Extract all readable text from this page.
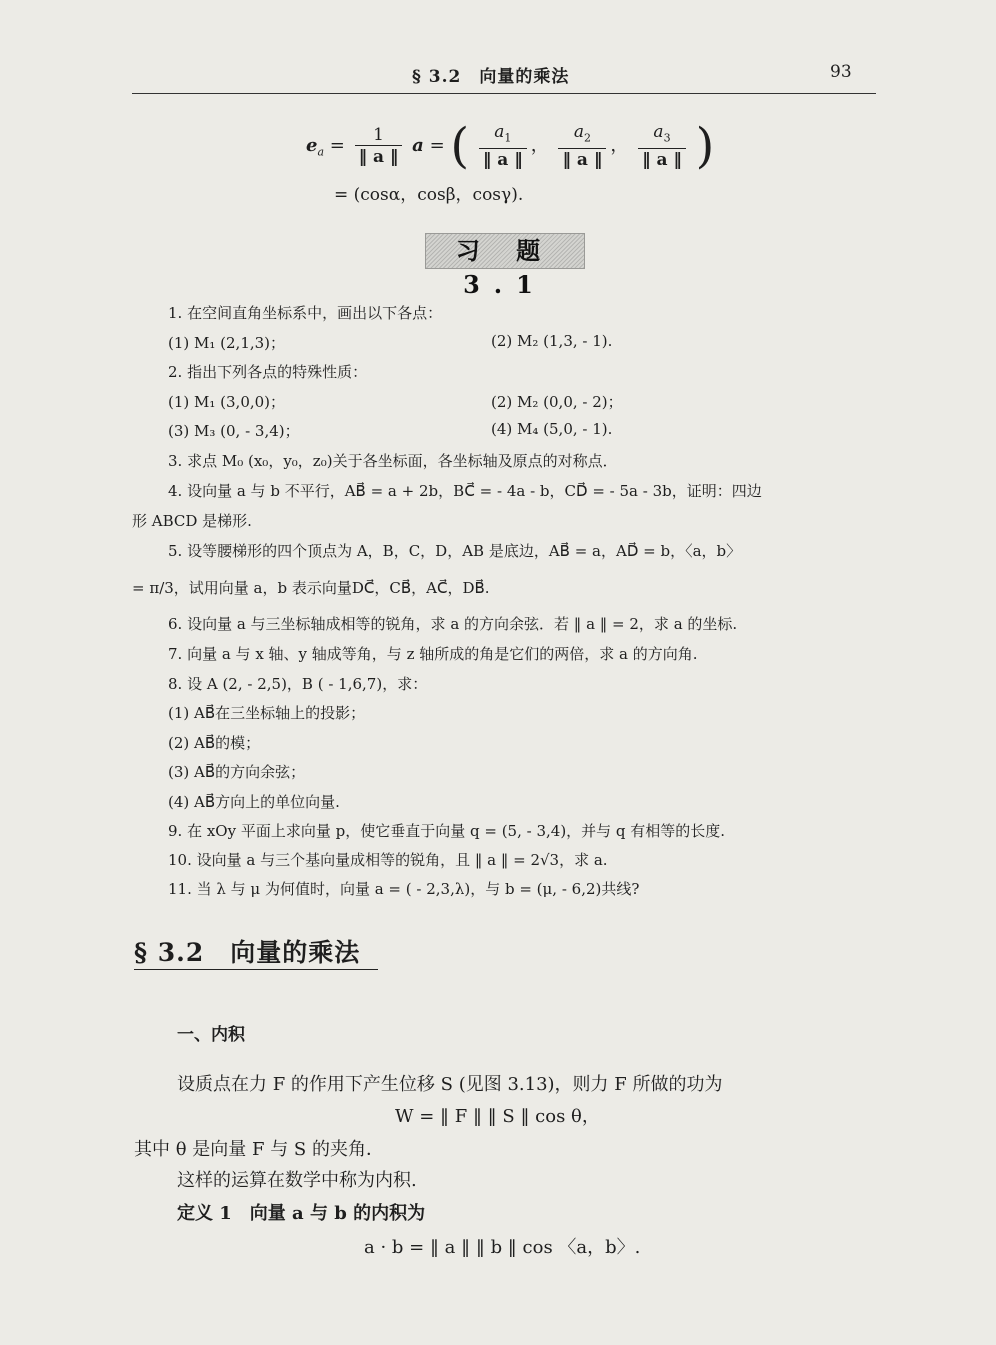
§ 3.2　向量的乘法	93
$e_a = \frac{1}{‖ a ‖}$ a = ( $\frac{a_1}{‖ a ‖}$ ， $\frac{a_2}{‖ a ‖}$ ， $\frac{a_3}{‖ a ‖}$ )
= (cosα，cosβ，cosγ).
习 题 3.1
1. 在空间直角坐标系中，画出以下各点：
(1) M₁ (2,1,3)；	(2) M₂ (1,3, - 1).
2. 指出下列各点的特殊性质：
(1) M₁ (3,0,0)；	(2) M₂ (0,0, - 2)；
(3) M₃ (0, - 3,4)；	(4) M₄ (5,0, - 1).
3. 求点 M₀ (x₀，y₀，z₀)关于各坐标面，各坐标轴及原点的对称点．
4. 设向量 a 与 b 不平行，AB⃗ = a + 2b，BC⃗ = - 4a - b，CD⃗ = - 5a - 3b，证明：四边
形 ABCD 是梯形.
5. 设等腰梯形的四个顶点为 A，B，C，D，AB 是底边，AB⃗ = a，AD⃗ = b，〈a，b〉
= π/3，试用向量 a，b 表示向量DC⃗，CB⃗，AC⃗，DB⃗.
6. 设向量 a 与三坐标轴成相等的锐角，求 a 的方向余弦．若 ‖ a ‖ = 2，求 a 的坐标.
7. 向量 a 与 x 轴、y 轴成等角，与 z 轴所成的角是它们的两倍，求 a 的方向角.
8. 设 A (2, - 2,5)，B ( - 1,6,7)，求：
(1) AB⃗在三坐标轴上的投影；
(2) AB⃗的模；
(3) AB⃗的方向余弦；
(4) AB⃗方向上的单位向量.
9. 在 xOy 平面上求向量 p，使它垂直于向量 q = (5, - 3,4)，并与 q 有相等的长度.
10. 设向量 a 与三个基向量成相等的锐角，且 ‖ a ‖ = 2√3，求 a.
11. 当 λ 与 μ 为何值时，向量 a = ( - 2,3,λ)，与 b = (μ, - 6,2)共线?
§ 3.2　向量的乘法
一、内积
设质点在力 F 的作用下产生位移 S (见图 3.13)，则力 F 所做的功为
W = ‖ F ‖ ‖ S ‖ cos θ，
其中 θ 是向量 F 与 S 的夹角．
这样的运算在数学中称为内积.
定义 1　向量 a 与 b 的内积为
a · b = ‖ a ‖ ‖ b ‖ cos 〈a，b〉.
